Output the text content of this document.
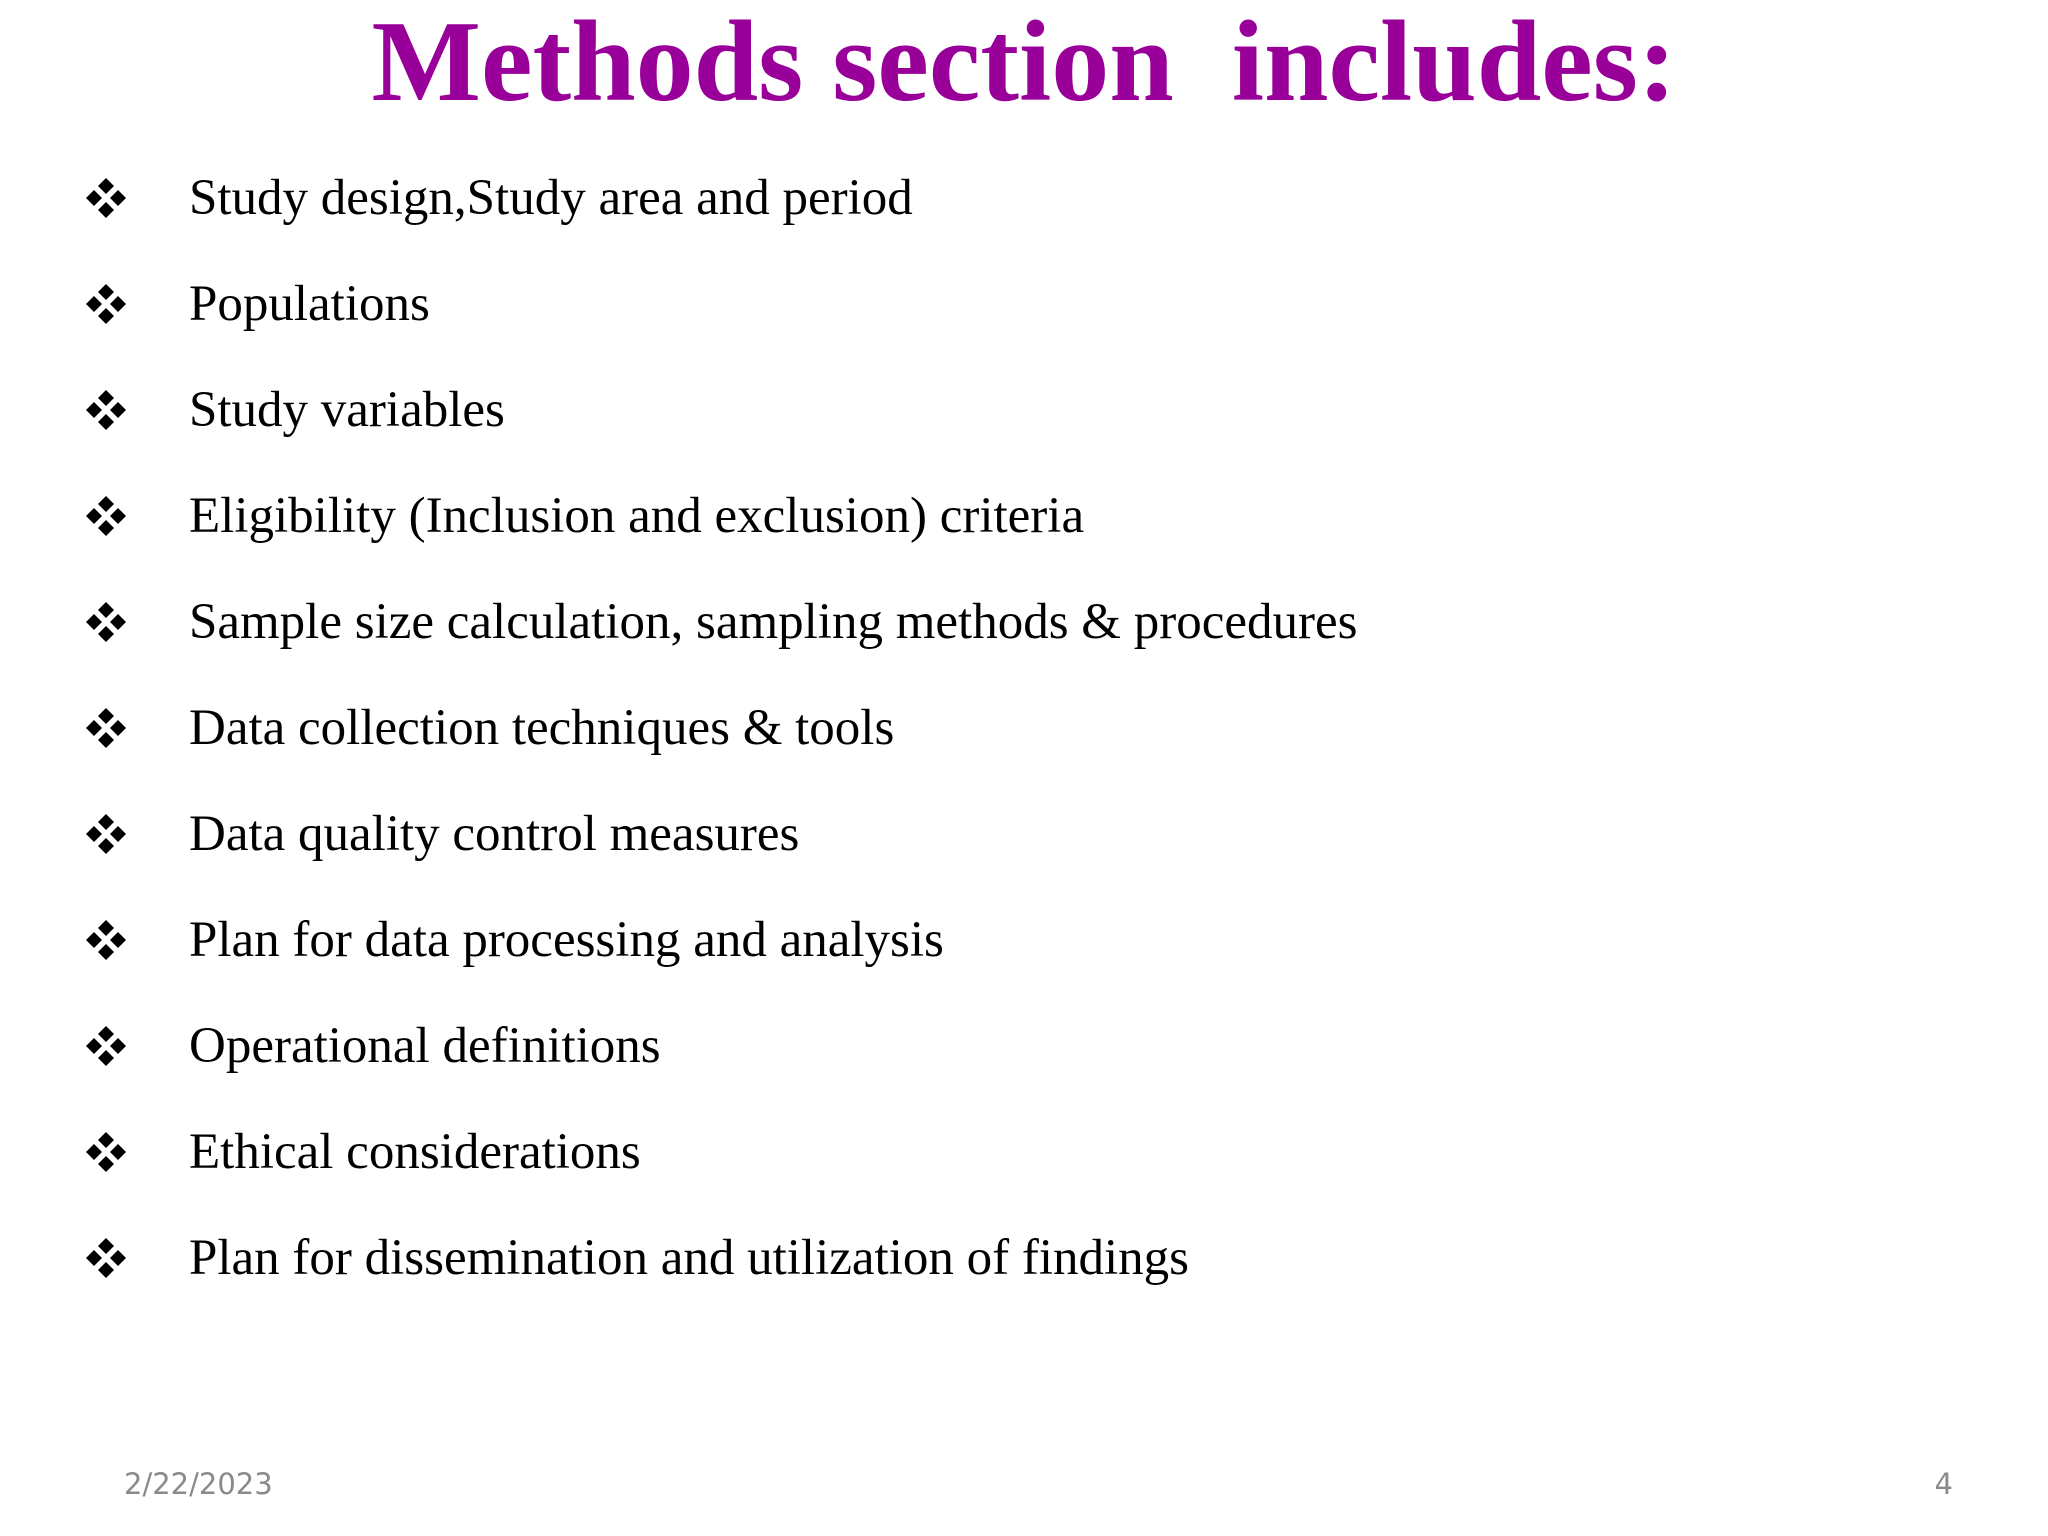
Methods section  includes:
Study design,Study area and period
Populations
Study variables
Eligibility (Inclusion and exclusion) criteria
Sample size calculation, sampling methods & procedures
Data collection techniques & tools
Data quality control measures
Plan for data processing and analysis
Operational definitions
Ethical considerations
Plan for dissemination and utilization of findings
2/22/2023	4
